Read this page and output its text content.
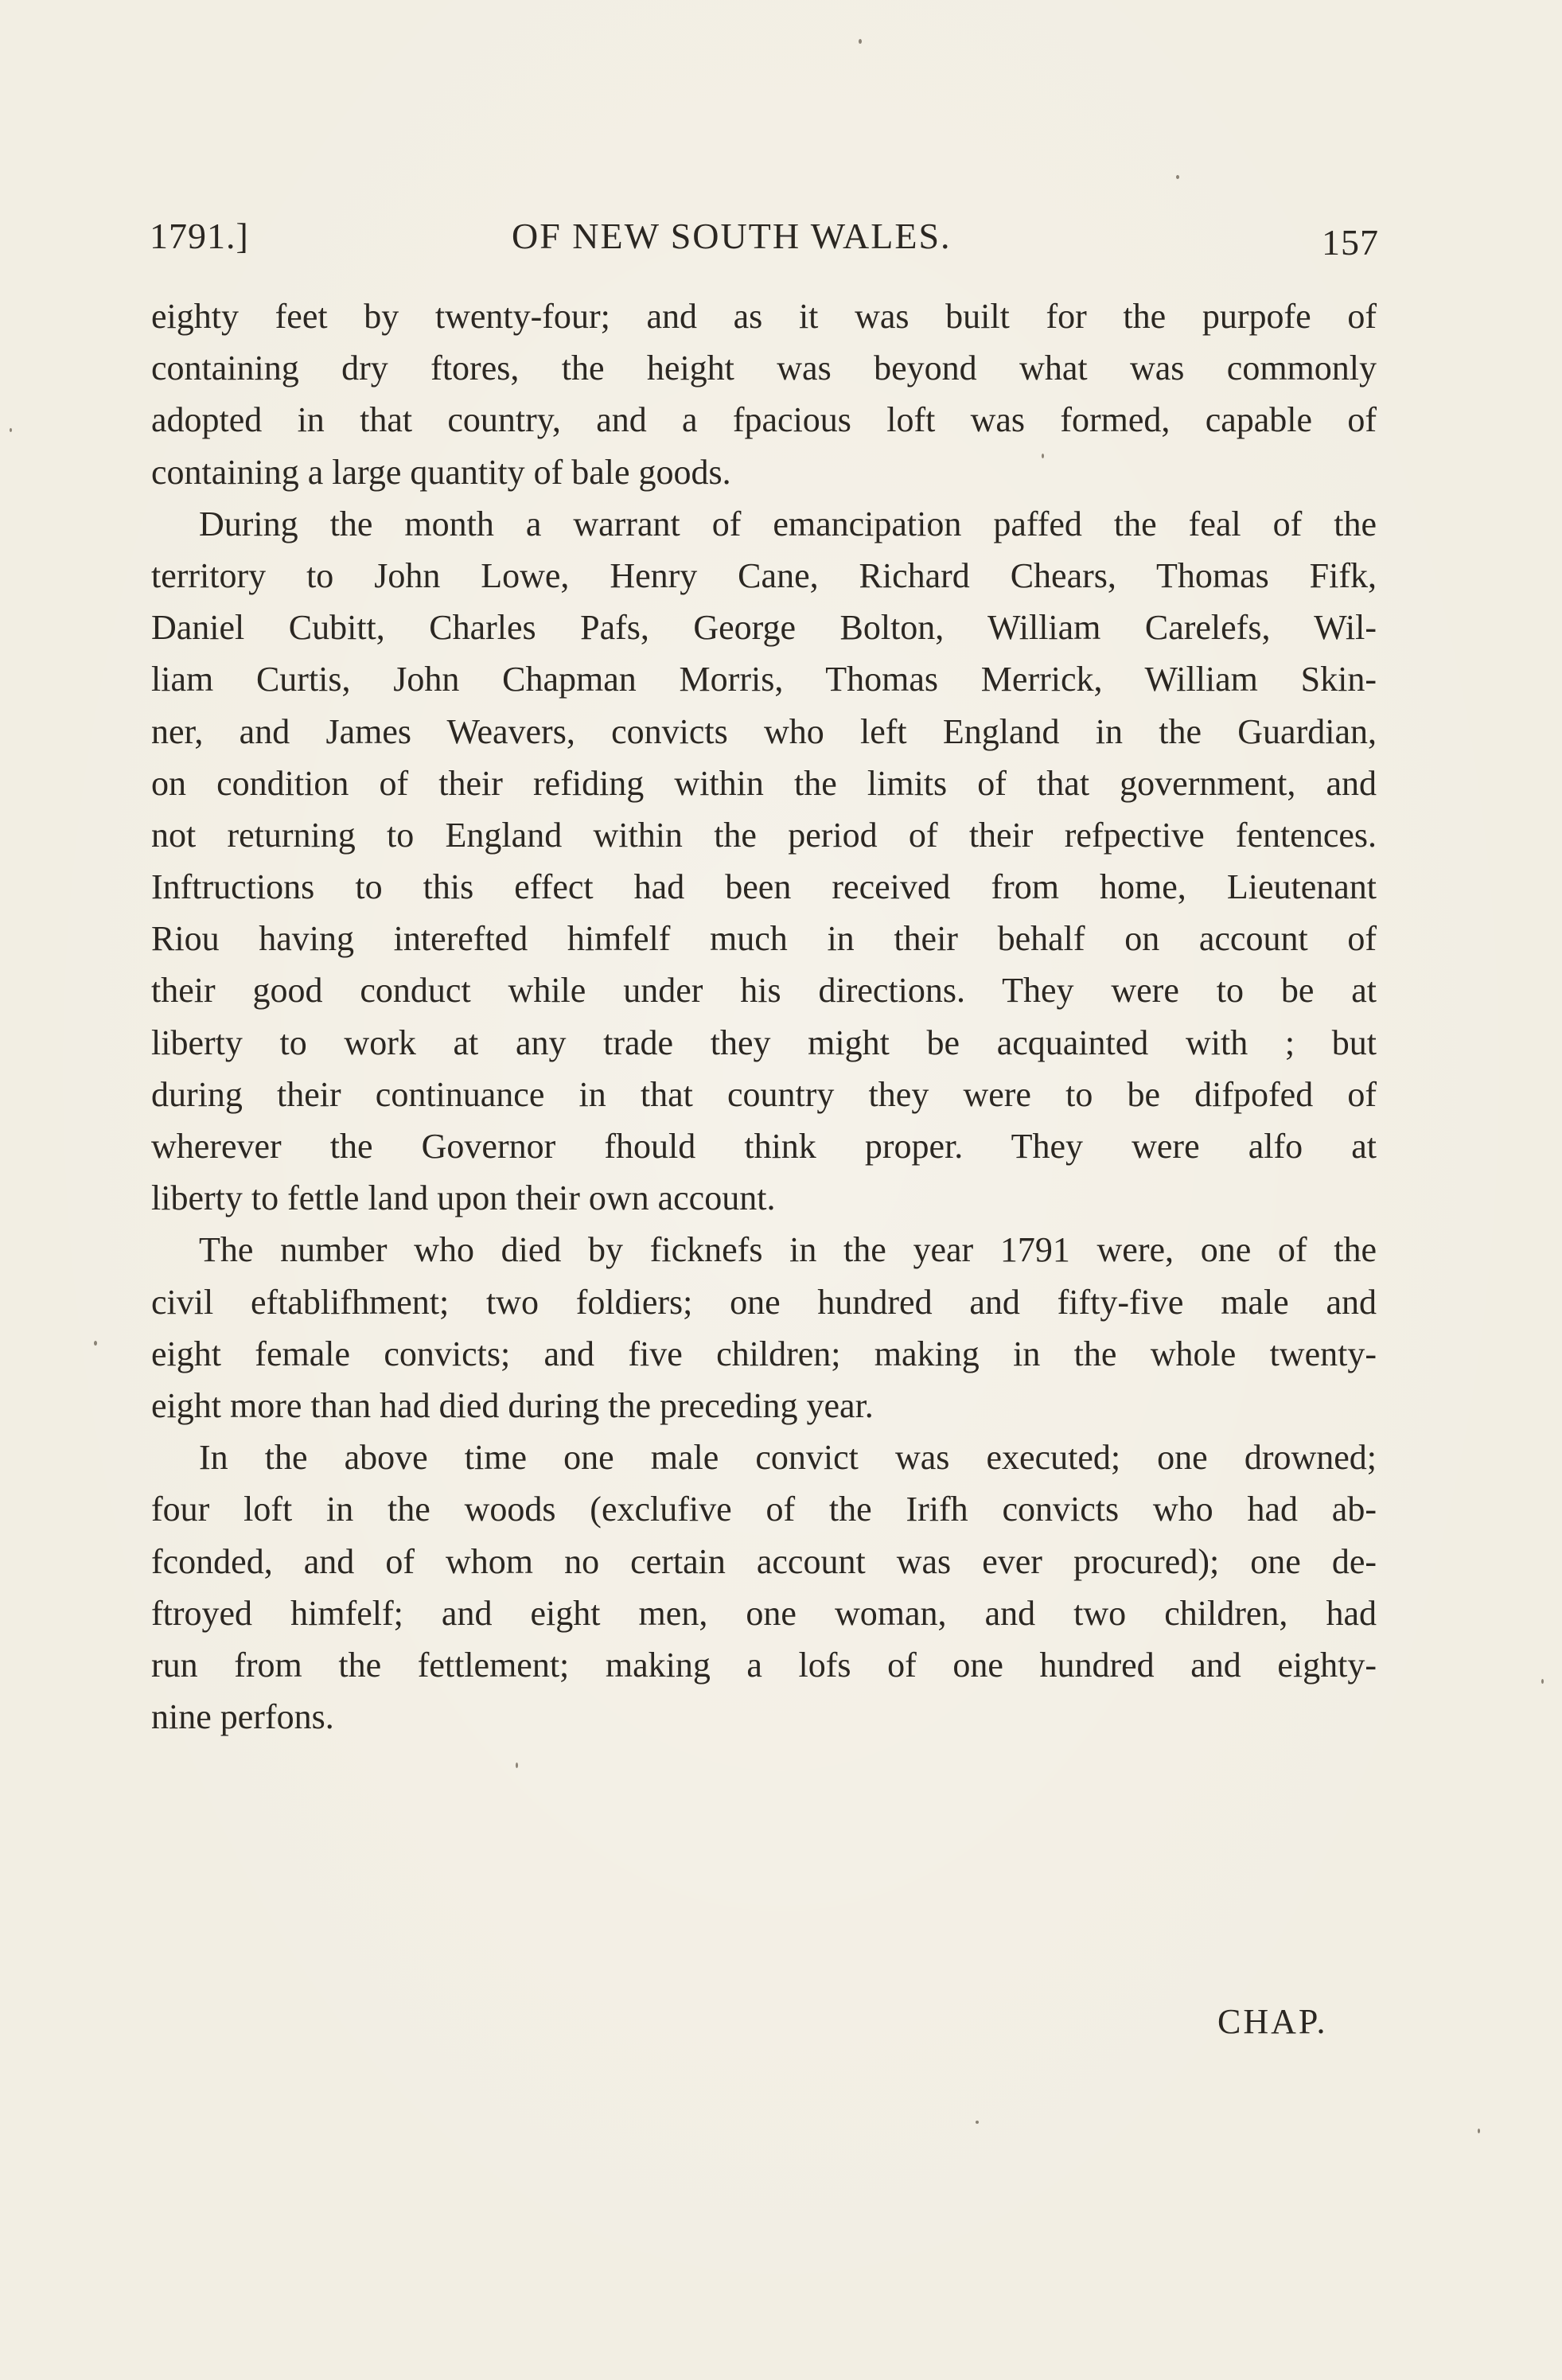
1791.]	OF NEW SOUTH WALES.	157
eighty feet by twenty-four; and as it was built for the purpofe of
containing dry ftores, the height was beyond what was commonly
adopted in that country, and a fpacious loft was formed, capable of
containing a large quantity of bale goods.
During the month a warrant of emancipation paffed the feal of the
territory to John Lowe, Henry Cane, Richard Chears, Thomas Fifk,
Daniel Cubitt, Charles Pafs, George Bolton, William Carelefs, Wil-
liam Curtis, John Chapman Morris, Thomas Merrick, William Skin-
ner, and James Weavers, convicts who left England in the Guardian,
on condition of their refiding within the limits of that government, and
not returning to England within the period of their refpective fentences.
Inftructions to this effect had been received from home, Lieutenant
Riou having interefted himfelf much in their behalf on account of
their good conduct while under his directions. They were to be at
liberty to work at any trade they might be acquainted with ; but
during their continuance in that country they were to be difpofed of
wherever the Governor fhould think proper. They were alfo at
liberty to fettle land upon their own account.
The number who died by ficknefs in the year 1791 were, one of the
civil eftablifhment; two foldiers; one hundred and fifty-five male and
eight female convicts; and five children; making in the whole twenty-
eight more than had died during the preceding year.
In the above time one male convict was executed; one drowned;
four loft in the woods (exclufive of the Irifh convicts who had ab-
fconded, and of whom no certain account was ever procured); one de-
ftroyed himfelf; and eight men, one woman, and two children, had
run from the fettlement; making a lofs of one hundred and eighty-
nine perfons.
CHAP.
